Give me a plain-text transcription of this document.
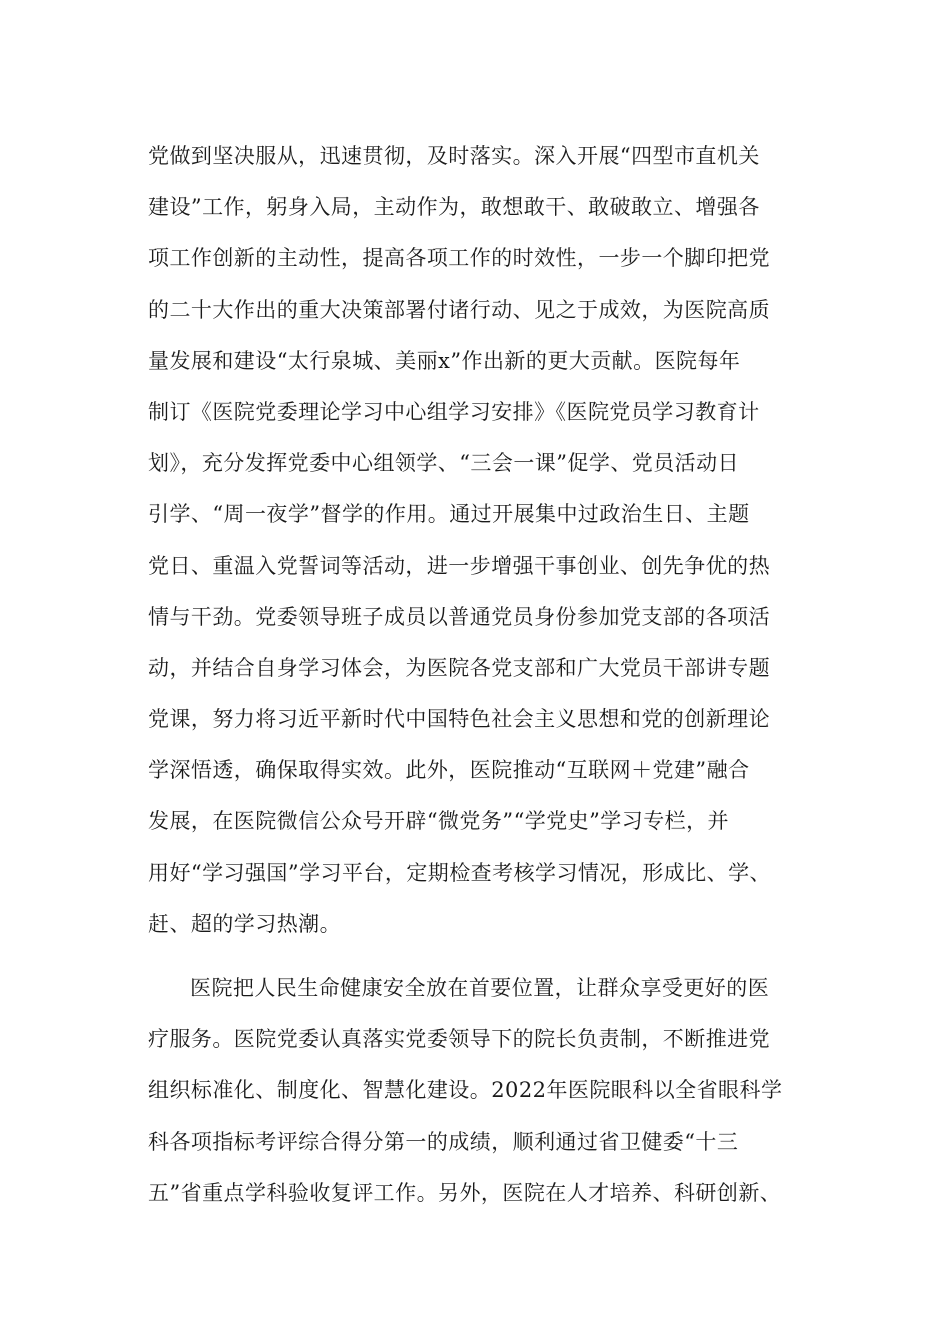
党做到坚决服从，迅速贯彻，及时落实。深入开展“四型市直机关
建设”工作，躬身入局，主动作为，敢想敢干、敢破敢立、增强各
项工作创新的主动性，提高各项工作的时效性，一步一个脚印把党
的二十大作出的重大决策部署付诸行动、见之于成效，为医院高质
量发展和建设“太行泉城、美丽x”作出新的更大贡献。医院每年
制订《医院党委理论学习中心组学习安排》《医院党员学习教育计
划》，充分发挥党委中心组领学、“三会一课”促学、党员活动日
引学、“周一夜学”督学的作用。通过开展集中过政治生日、主题
党日、重温入党誓词等活动，进一步增强干事创业、创先争优的热
情与干劲。党委领导班子成员以普通党员身份参加党支部的各项活
动，并结合自身学习体会，为医院各党支部和广大党员干部讲专题
党课，努力将习近平新时代中国特色社会主义思想和党的创新理论
学深悟透，确保取得实效。此外，医院推动“互联网＋党建”融合
发展，在医院微信公众号开辟“微党务”“学党史”学习专栏，并
用好“学习强国”学习平台，定期检查考核学习情况，形成比、学、
赶、超的学习热潮。
医院把人民生命健康安全放在首要位置，让群众享受更好的医
疗服务。医院党委认真落实党委领导下的院长负责制，不断推进党
组织标准化、制度化、智慧化建设。2022年医院眼科以全省眼科学
科各项指标考评综合得分第一的成绩，顺利通过省卫健委“十三
五”省重点学科验收复评工作。另外，医院在人才培养、科研创新、
